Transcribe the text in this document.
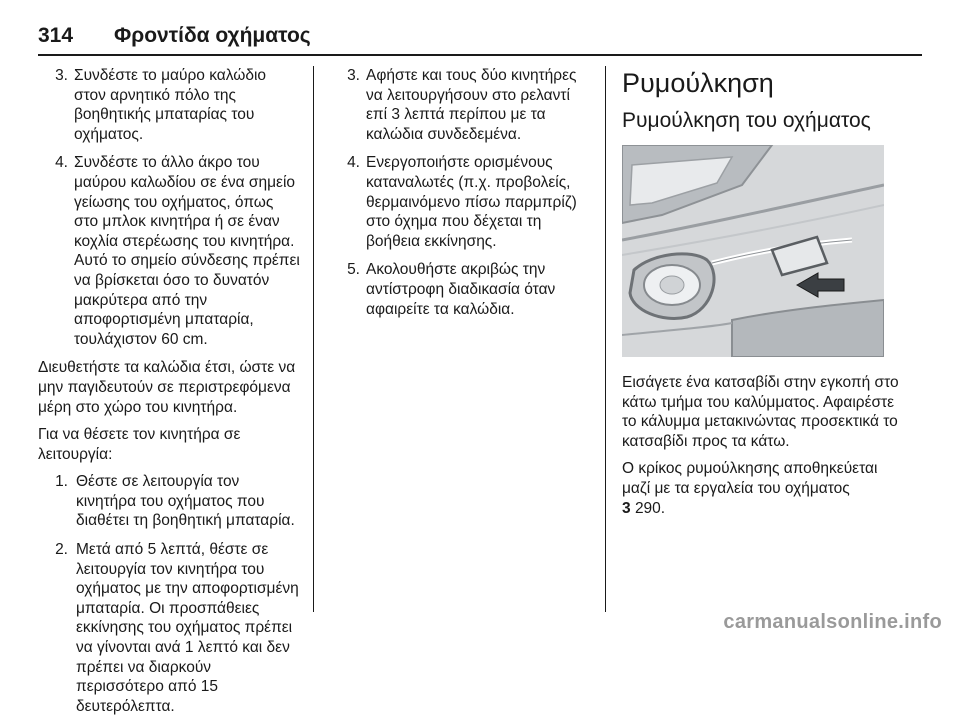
314 Φροντίδα οχήματος
3. Συνδέστε το μαύρο καλώδιο στον αρνητικό πόλο της βοηθητικής μπαταρίας του οχήματος.
4. Συνδέστε το άλλο άκρο του μαύρου καλωδίου σε ένα σημείο γείωσης του οχήματος, όπως στο μπλοκ κινητήρα ή σε έναν κοχλία στερέωσης του κινητήρα. Αυτό το σημείο σύνδεσης πρέπει να βρίσκεται όσο το δυνατόν μακρύτερα από την αποφορτισμένη μπαταρία, τουλάχιστον 60 cm.

Διευθετήστε τα καλώδια έτσι, ώστε να μην παγιδευτούν σε περιστρεφόμενα μέρη στο χώρο του κινητήρα.

Για να θέσετε τον κινητήρα σε λειτουργία:

1. Θέστε σε λειτουργία τον κινητήρα του οχήματος που διαθέτει τη βοηθητική μπαταρία.
2. Μετά από 5 λεπτά, θέστε σε λειτουργία τον κινητήρα του οχήματος με την αποφορτισμένη μπαταρία. Οι προσπάθειες εκκίνησης του οχήματος πρέπει να γίνονται ανά 1 λεπτό και δεν πρέπει να διαρκούν περισσότερο από 15 δευτερόλεπτα.
3. Αφήστε και τους δύο κινητήρες να λειτουργήσουν στο ρελαντί επί 3 λεπτά περίπου με τα καλώδια συνδεδεμένα.
4. Ενεργοποιήστε ορισμένους καταναλωτές (π.χ. προβολείς, θερμαινόμενο πίσω παρμπρίζ) στο όχημα που δέχεται τη βοήθεια εκκίνησης.
5. Ακολουθήστε ακριβώς την αντίστροφη διαδικασία όταν αφαιρείτε τα καλώδια.
Ρυμούλκηση
Ρυμούλκηση του οχήματος

Εισάγετε ένα κατσαβίδι στην εγκοπή στο κάτω τμήμα του καλύμματος. Αφαιρέστε το κάλυμμα μετακινώντας προσεκτικά το κατσαβίδι προς τα κάτω.

Ο κρίκος ρυμούλκησης αποθηκεύεται μαζί με τα εργαλεία του οχήματος
3 290.

carmanualsonline.info
